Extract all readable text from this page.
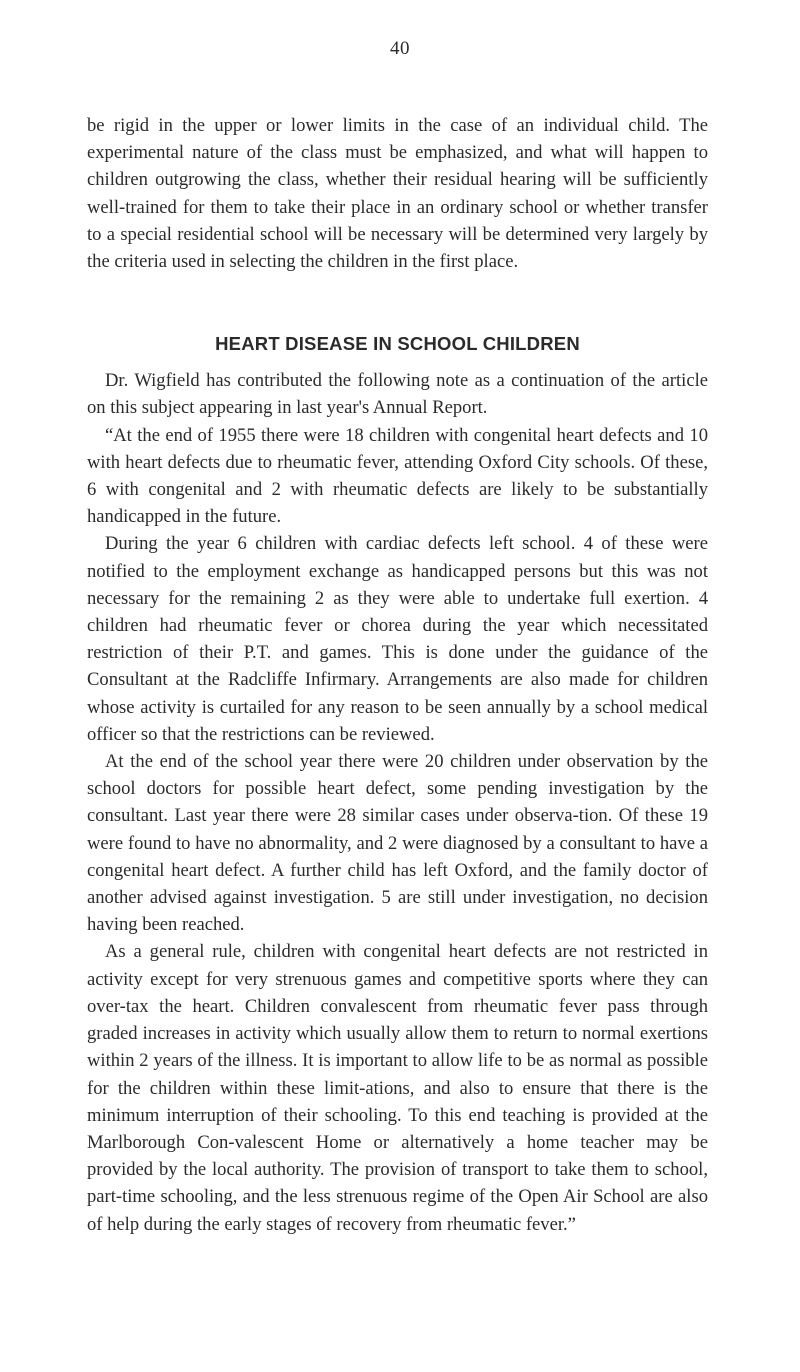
40

be rigid in the upper or lower limits in the case of an individual child. The experimental nature of the class must be emphasized, and what will happen to children outgrowing the class, whether their residual hearing will be sufficiently well-trained for them to take their place in an ordinary school or whether transfer to a special residential school will be necessary will be determined very largely by the criteria used in selecting the children in the first place.

HEART DISEASE IN SCHOOL CHILDREN

Dr. Wigfield has contributed the following note as a continuation of the article on this subject appearing in last year's Annual Report.

“At the end of 1955 there were 18 children with congenital heart defects and 10 with heart defects due to rheumatic fever, attending Oxford City schools. Of these, 6 with congenital and 2 with rheumatic defects are likely to be substantially handicapped in the future.

During the year 6 children with cardiac defects left school. 4 of these were notified to the employment exchange as handicapped persons but this was not necessary for the remaining 2 as they were able to undertake full exertion. 4 children had rheumatic fever or chorea during the year which necessitated restriction of their P.T. and games. This is done under the guidance of the Consultant at the Radcliffe Infirmary. Arrangements are also made for children whose activity is curtailed for any reason to be seen annually by a school medical officer so that the restrictions can be reviewed.

At the end of the school year there were 20 children under observation by the school doctors for possible heart defect, some pending investigation by the consultant. Last year there were 28 similar cases under observa-tion. Of these 19 were found to have no abnormality, and 2 were diagnosed by a consultant to have a congenital heart defect. A further child has left Oxford, and the family doctor of another advised against investigation. 5 are still under investigation, no decision having been reached.

As a general rule, children with congenital heart defects are not restricted in activity except for very strenuous games and competitive sports where they can over-tax the heart. Children convalescent from rheumatic fever pass through graded increases in activity which usually allow them to return to normal exertions within 2 years of the illness. It is important to allow life to be as normal as possible for the children within these limit-ations, and also to ensure that there is the minimum interruption of their schooling. To this end teaching is provided at the Marlborough Con-valescent Home or alternatively a home teacher may be provided by the local authority. The provision of transport to take them to school, part-time schooling, and the less strenuous regime of the Open Air School are also of help during the early stages of recovery from rheumatic fever.”
